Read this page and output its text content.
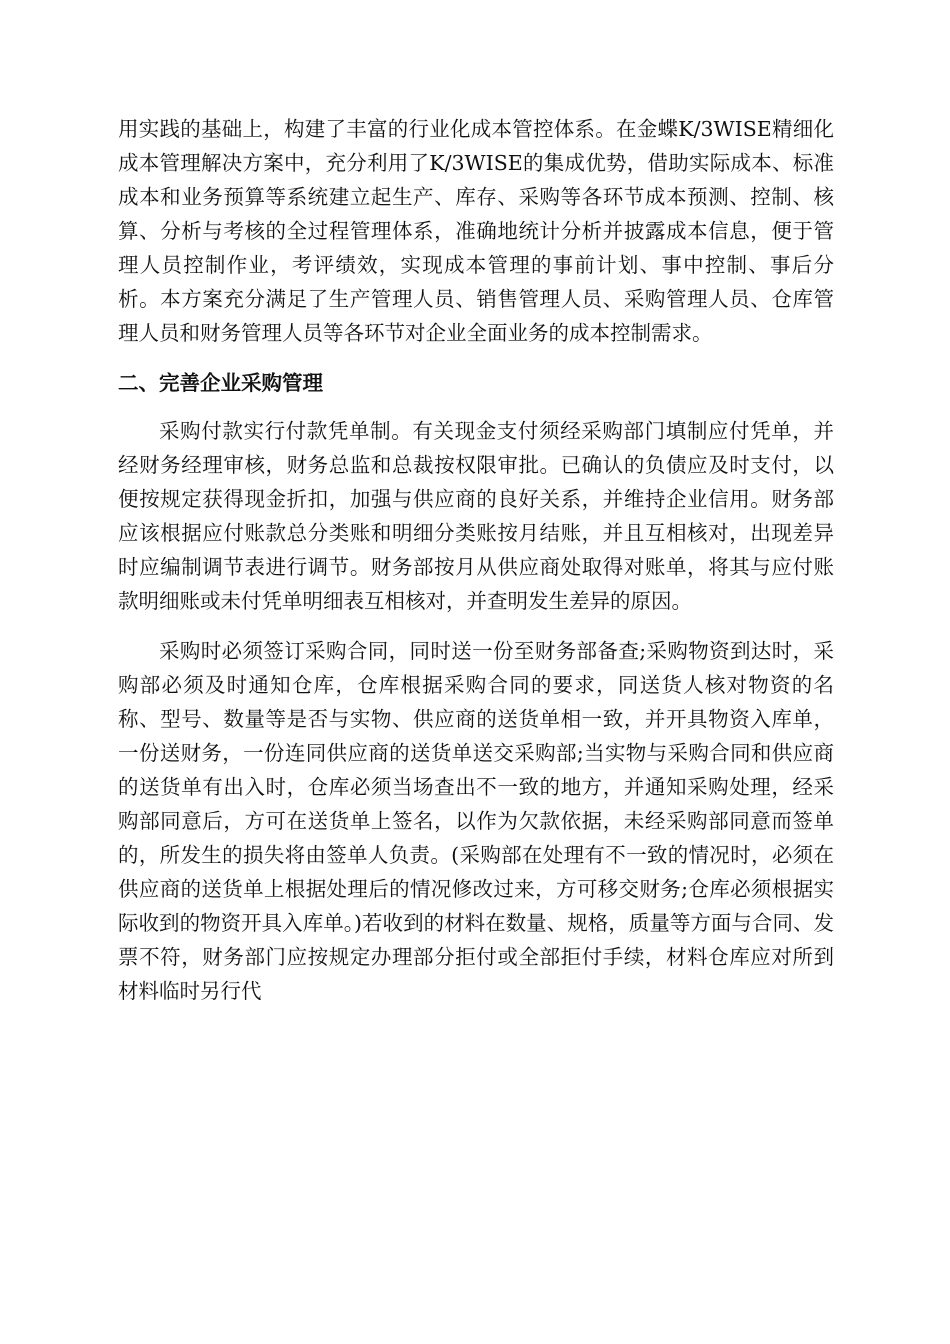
用实践的基础上，构建了丰富的行业化成本管控体系。在金蝶K/3WISE精细化成本管理解决方案中，充分利用了K/3WISE的集成优势，借助实际成本、标准成本和业务预算等系统建立起生产、库存、采购等各环节成本预测、控制、核算、分析与考核的全过程管理体系，准确地统计分析并披露成本信息，便于管理人员控制作业，考评绩效，实现成本管理的事前计划、事中控制、事后分析。本方案充分满足了生产管理人员、销售管理人员、采购管理人员、仓库管理人员和财务管理人员等各环节对企业全面业务的成本控制需求。

二、完善企业采购管理

采购付款实行付款凭单制。有关现金支付须经采购部门填制应付凭单，并经财务经理审核，财务总监和总裁按权限审批。已确认的负债应及时支付，以便按规定获得现金折扣，加强与供应商的良好关系，并维持企业信用。财务部应该根据应付账款总分类账和明细分类账按月结账，并且互相核对，出现差异时应编制调节表进行调节。财务部按月从供应商处取得对账单，将其与应付账款明细账或未付凭单明细表互相核对，并查明发生差异的原因。

采购时必须签订采购合同，同时送一份至财务部备查;采购物资到达时，采购部必须及时通知仓库，仓库根据采购合同的要求，同送货人核对物资的名称、型号、数量等是否与实物、供应商的送货单相一致，并开具物资入库单，一份送财务，一份连同供应商的送货单送交采购部;当实物与采购合同和供应商的送货单有出入时，仓库必须当场查出不一致的地方，并通知采购处理，经采购部同意后，方可在送货单上签名，以作为欠款依据，未经采购部同意而签单的，所发生的损失将由签单人负责。(采购部在处理有不一致的情况时，必须在供应商的送货单上根据处理后的情况修改过来，方可移交财务;仓库必须根据实际收到的物资开具入库单。)若收到的材料在数量、规格，质量等方面与合同、发票不符，财务部门应按规定办理部分拒付或全部拒付手续，材料仓库应对所到材料临时另行代
